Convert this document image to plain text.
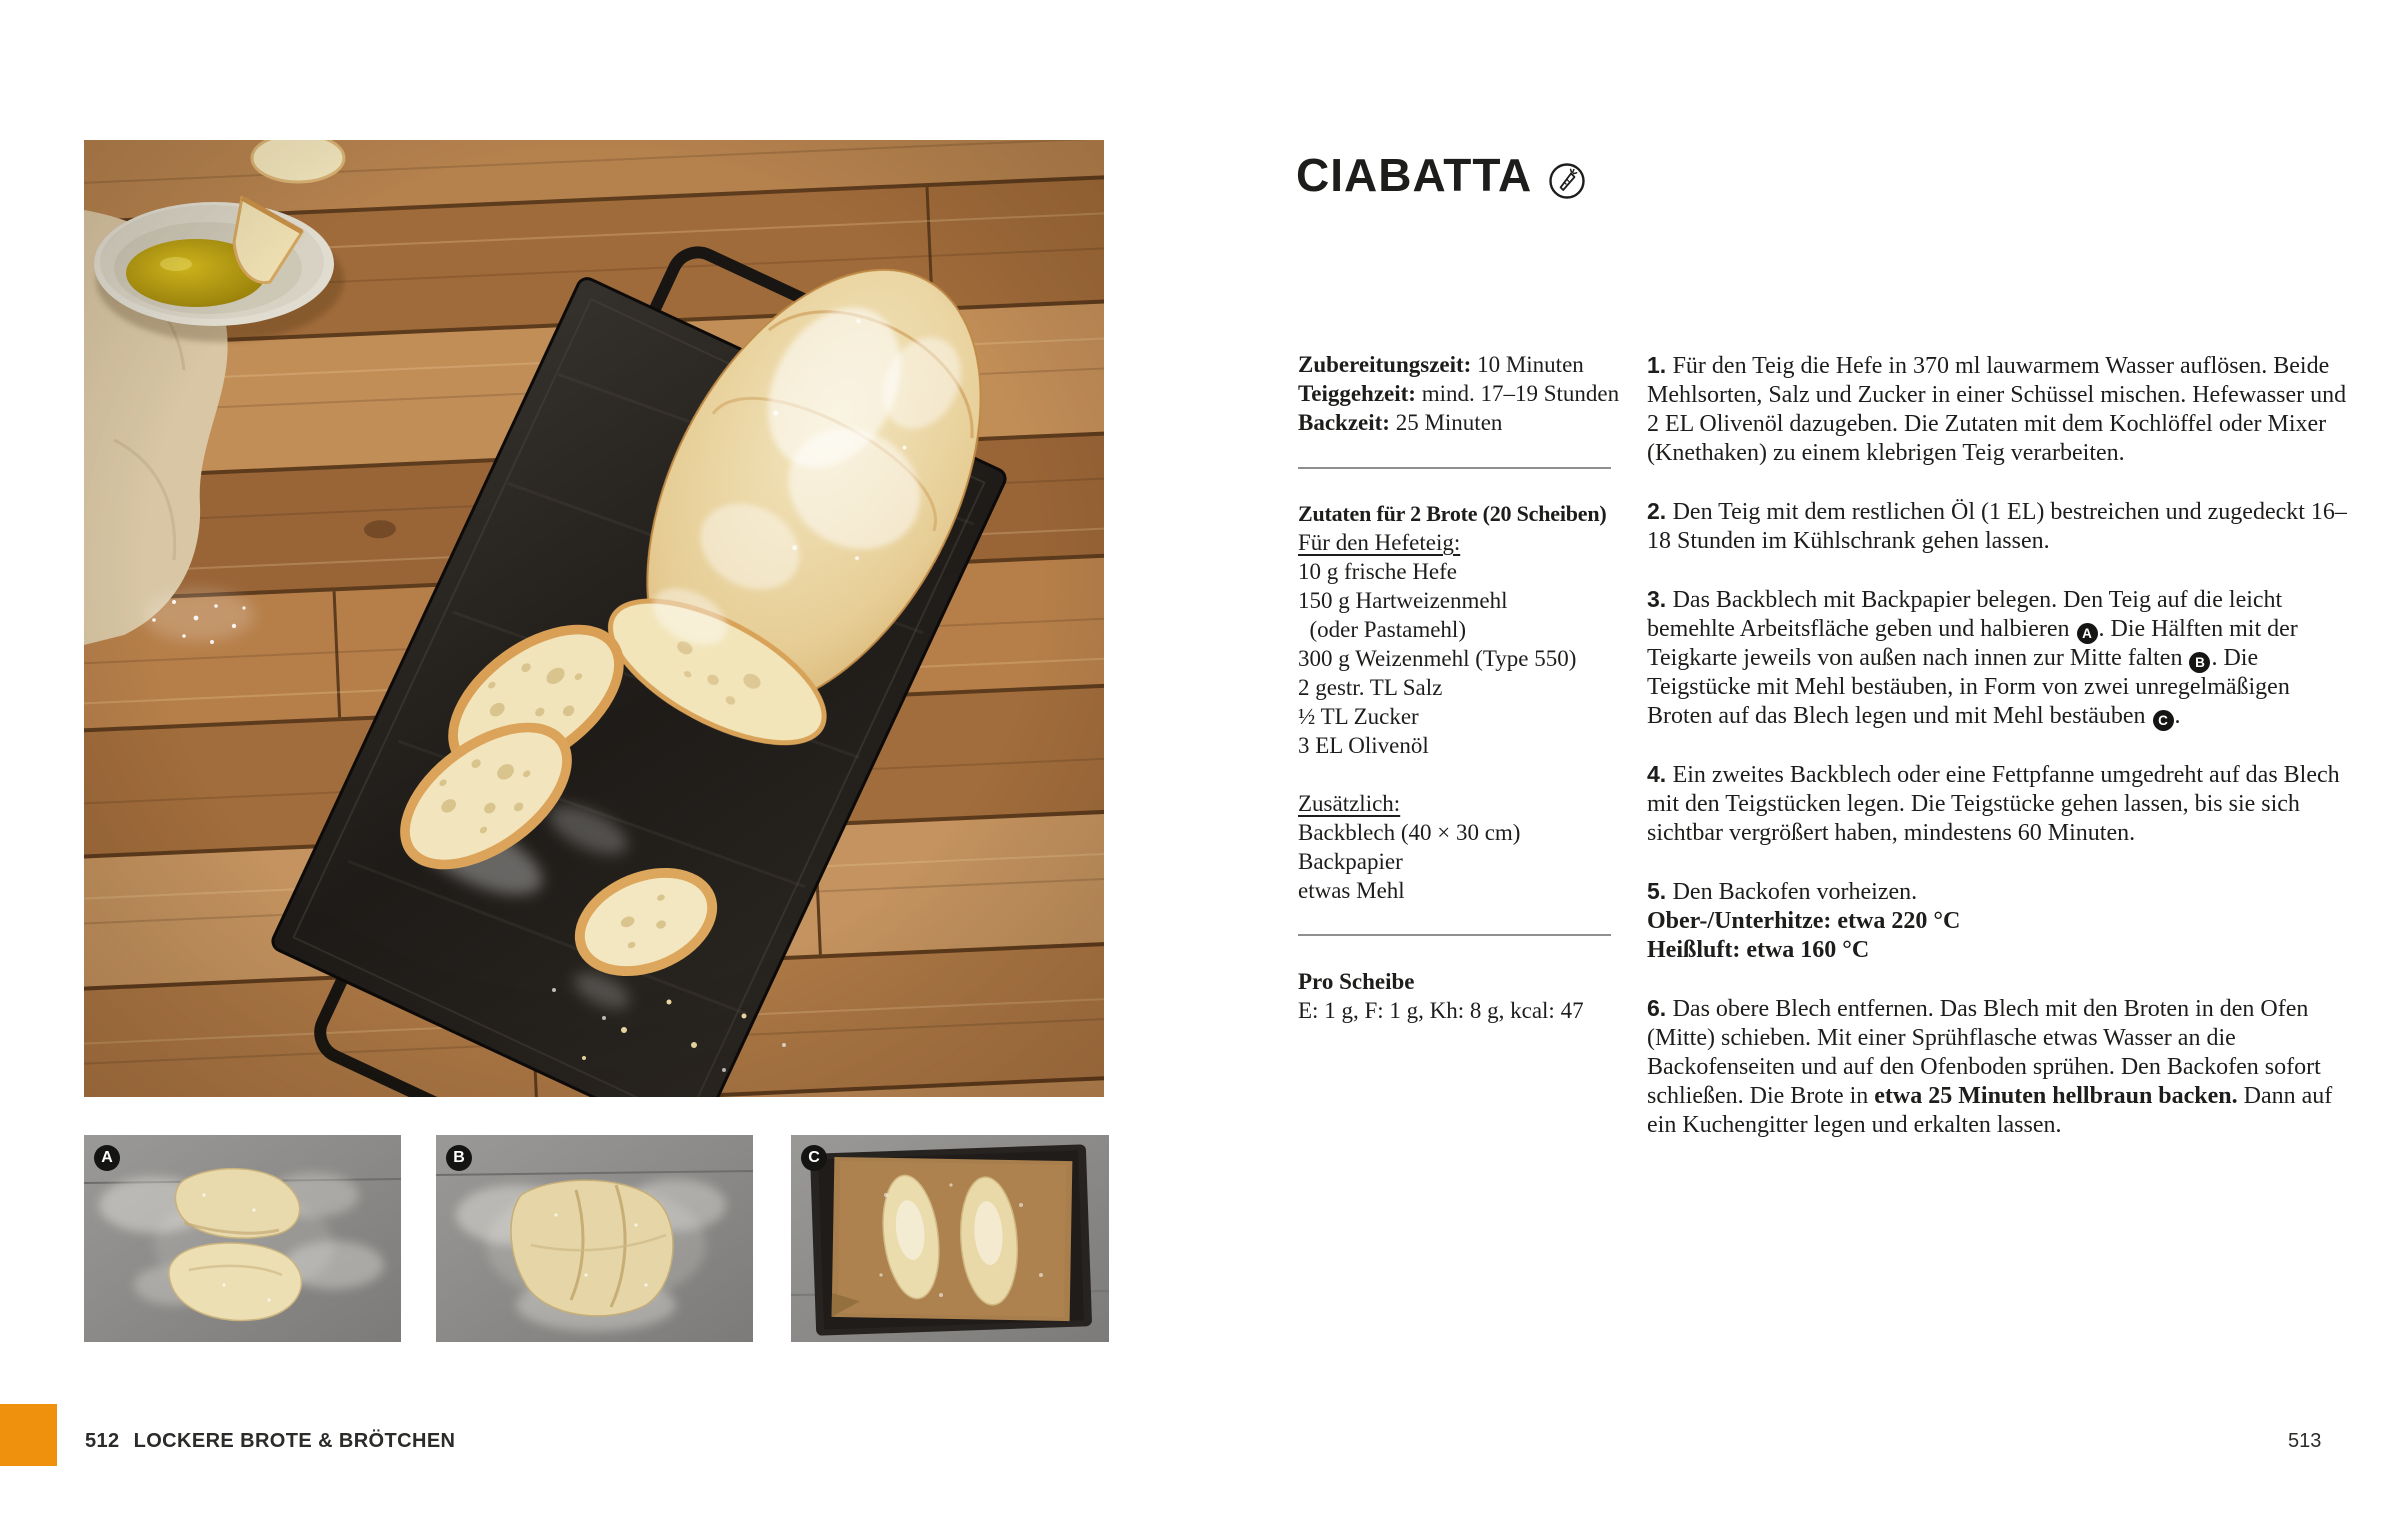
A	B	C
512 LOCKERE BROTE & BRÖTCHEN
CIABATTA
Zubereitungszeit: 10 Minuten
Teiggehzeit: mind. 17–19 Stunden
Backzeit: 25 Minuten
Zutaten für 2 Brote (20 Scheiben)
Für den Hefeteig:
10 g frische Hefe
150 g Hartweizenmehl
(oder Pastamehl)
300 g Weizenmehl (Type 550)
2 gestr. TL Salz
½ TL Zucker
3 EL Olivenöl
Zusätzlich:
Backblech (40 × 30 cm)
Backpapier
etwas Mehl
Pro Scheibe
E: 1 g, F: 1 g, Kh: 8 g, kcal: 47
1. Für den Teig die Hefe in 370 ml lauwarmem Wasser auflösen. Beide Mehlsorten, Salz und Zucker in einer Schüssel mischen. Hefewasser und 2 EL Olivenöl dazugeben. Die Zutaten mit dem Kochlöffel oder Mixer (Knethaken) zu einem klebrigen Teig verarbeiten.
2. Den Teig mit dem restlichen Öl (1 EL) bestreichen und zugedeckt 16–18 Stunden im Kühlschrank gehen lassen.
3. Das Backblech mit Backpapier belegen. Den Teig auf die leicht bemehlte Arbeitsfläche geben und halbieren A . Die Hälften mit der Teigkarte jeweils von außen nach innen zur Mitte falten B . Die Teigstücke mit Mehl bestäuben, in Form von zwei unregelmäßigen Broten auf das Blech legen und mit Mehl bestäuben C .
4. Ein zweites Backblech oder eine Fettpfanne umgedreht auf das Blech mit den Teigstücken legen. Die Teigstücke gehen lassen, bis sie sich sichtbar vergrößert haben, mindestens 60 Minuten.
5. Den Backofen vorheizen.
Ober-/Unterhitze: etwa 220 °C
Heißluft: etwa 160 °C
6. Das obere Blech entfernen. Das Blech mit den Broten in den Ofen (Mitte) schieben. Mit einer Sprühflasche etwas Wasser an die Backofenseiten und auf den Ofenboden sprühen. Den Backofen sofort schließen. Die Brote in etwa 25 Minuten hellbraun backen. Dann auf ein Kuchengitter legen und erkalten lassen.
513
